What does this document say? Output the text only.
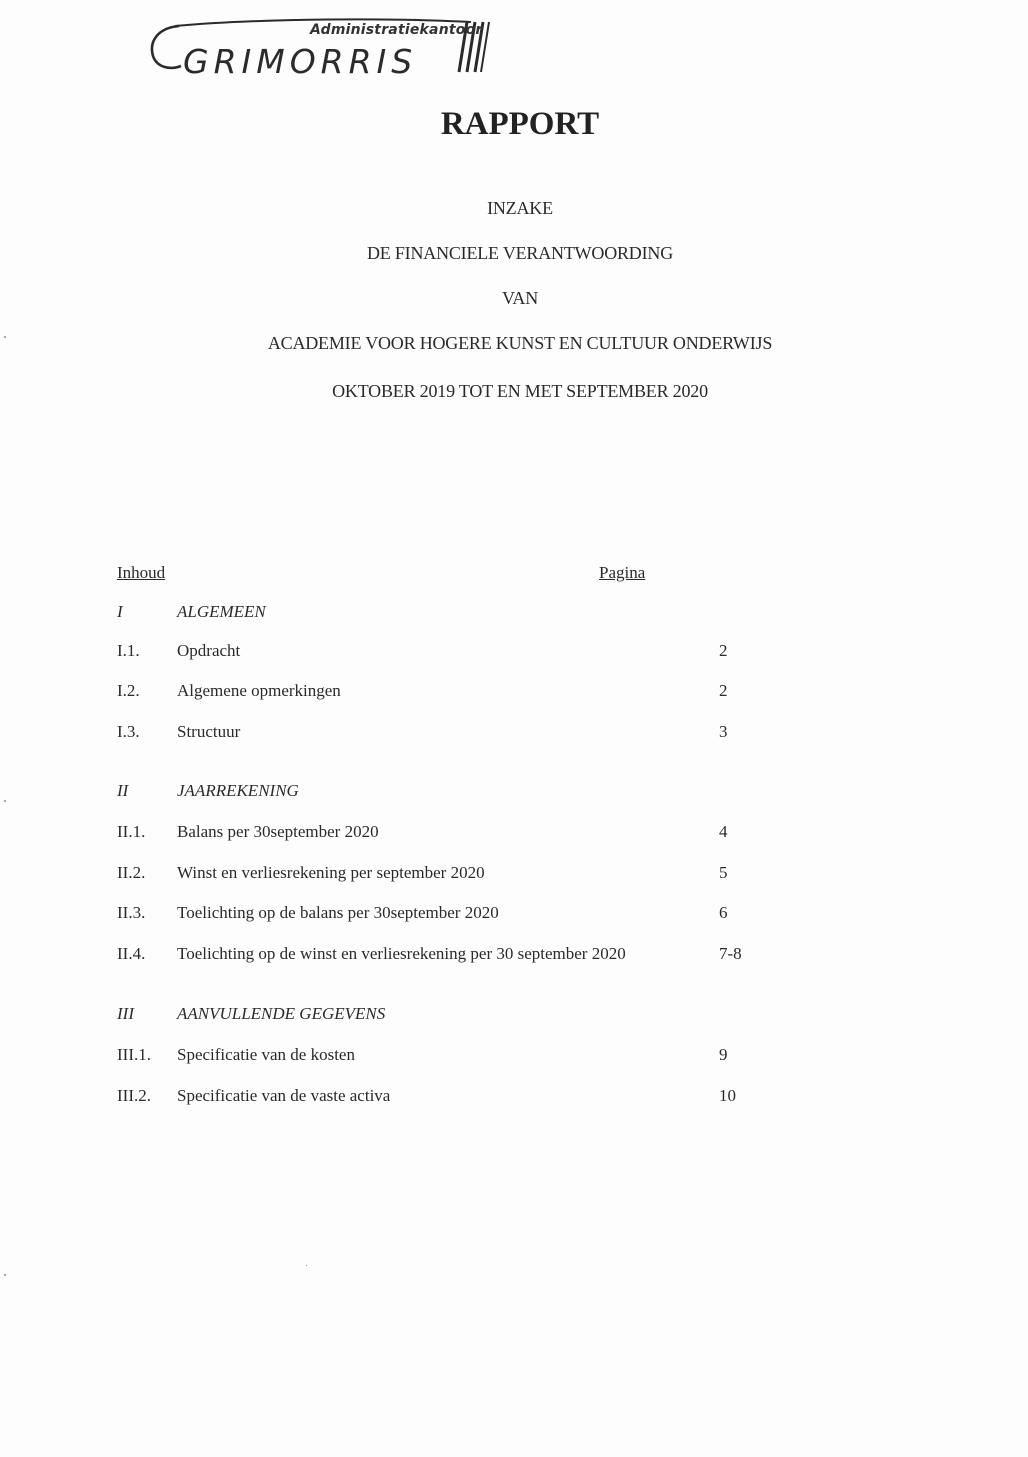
Administratiekantoor
GRIMORRIS
RAPPORT
INZAKE
DE FINANCIELE VERANTWOORDING
VAN
ACADEMIE VOOR HOGERE KUNST EN CULTUUR ONDERWIJS
OKTOBER 2019 TOT EN MET SEPTEMBER 2020
Inhoud	Pagina
I	ALGEMEEN
I.1. Opdracht	2
I.2. Algemene opmerkingen	2
I.3. Structuur	3
II	JAARREKENING
II.1. Balans per 30september 2020	4
II.2. Winst en verliesrekening per september 2020	5
II.3. Toelichting op de balans per 30september 2020	6
II.4. Toelichting op de winst en verliesrekening per 30 september 2020	7-8
III	AANVULLENDE GEGEVENS
III.1. Specificatie van de kosten	9
III.2. Specificatie van de vaste activa	10
